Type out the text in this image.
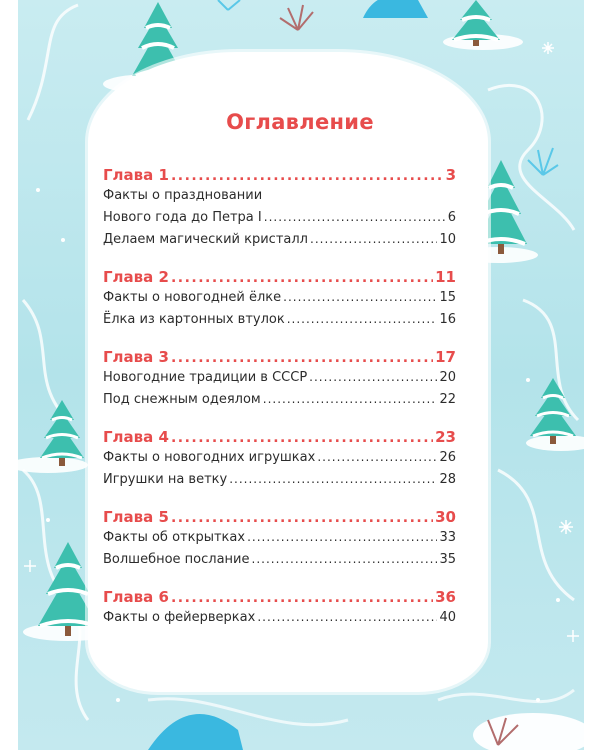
Оглавление
Глава 1 .....	3
Факты о праздновании
Нового года до Петра I .....	6
Делаем магический кристалл .....	10
Глава 2 .....	11
Факты о новогодней ёлке .....	15
Ёлка из картонных втулок .....	16
Глава 3 .....	17
Новогодние традиции в СССР .....	20
Под снежным одеялом .....	22
Глава 4 .....	23
Факты о новогодних игрушках .....	26
Игрушки на ветку .....	28
Глава 5 .....	30
Факты об открытках .....	33
Волшебное послание .....	35
Глава 6 .....	36
Факты о фейерверках .....	40
